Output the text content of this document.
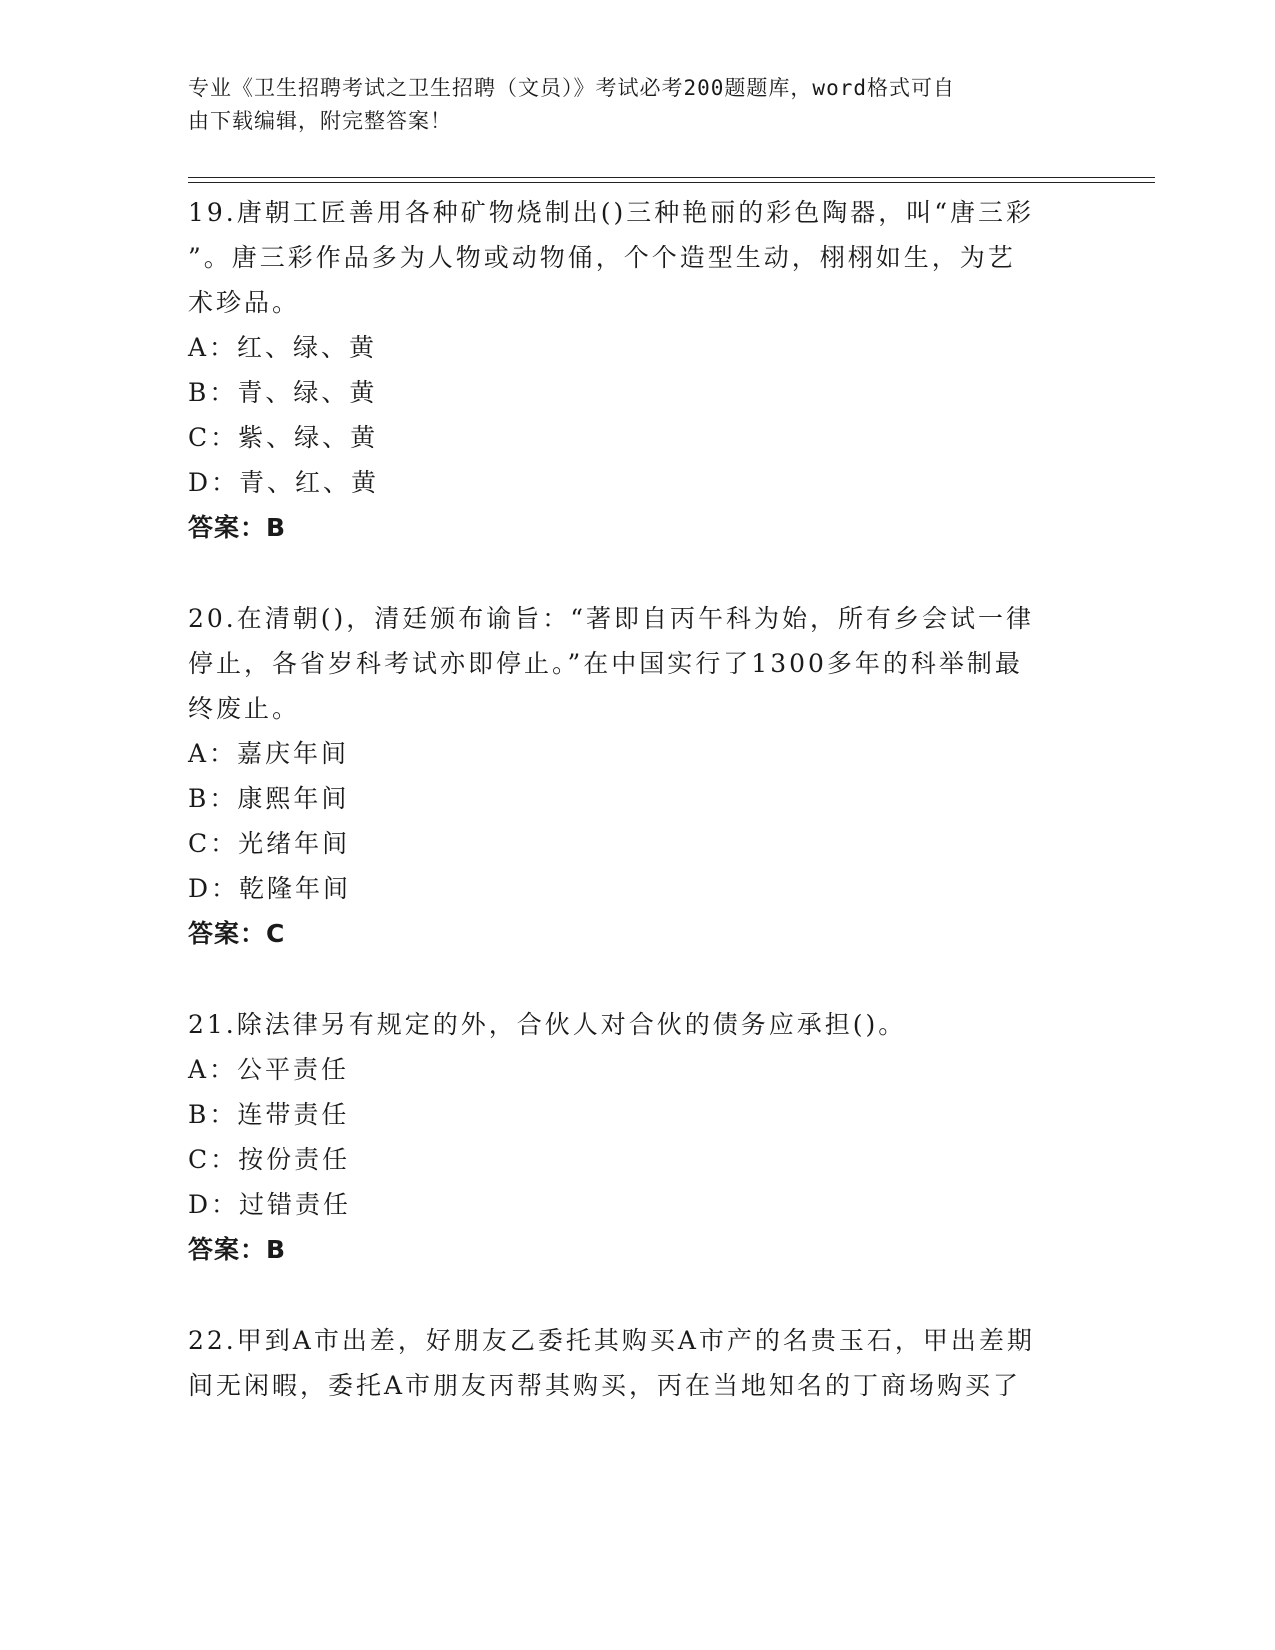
专业《卫生招聘考试之卫生招聘（文员）》考试必考200题题库，word格式可自
由下载编辑，附完整答案！

19.唐朝工匠善用各种矿物烧制出()三种艳丽的彩色陶器，叫“唐三彩

”。唐三彩作品多为人物或动物俑，个个造型生动，栩栩如生，为艺

术珍品。

A：红、绿、黄

B：青、绿、黄

C：紫、绿、黄

D：青、红、黄

答案：B

20.在清朝()，清廷颁布谕旨：“著即自丙午科为始，所有乡会试一律

停止，各省岁科考试亦即停止。”在中国实行了1300多年的科举制最

终废止。

A：嘉庆年间

B：康熙年间

C：光绪年间

D：乾隆年间

答案：C

21.除法律另有规定的外，合伙人对合伙的债务应承担()。

A：公平责任

B：连带责任

C：按份责任

D：过错责任

答案：B

22.甲到A市出差，好朋友乙委托其购买A市产的名贵玉石，甲出差期

间无闲暇，委托A市朋友丙帮其购买，丙在当地知名的丁商场购买了
